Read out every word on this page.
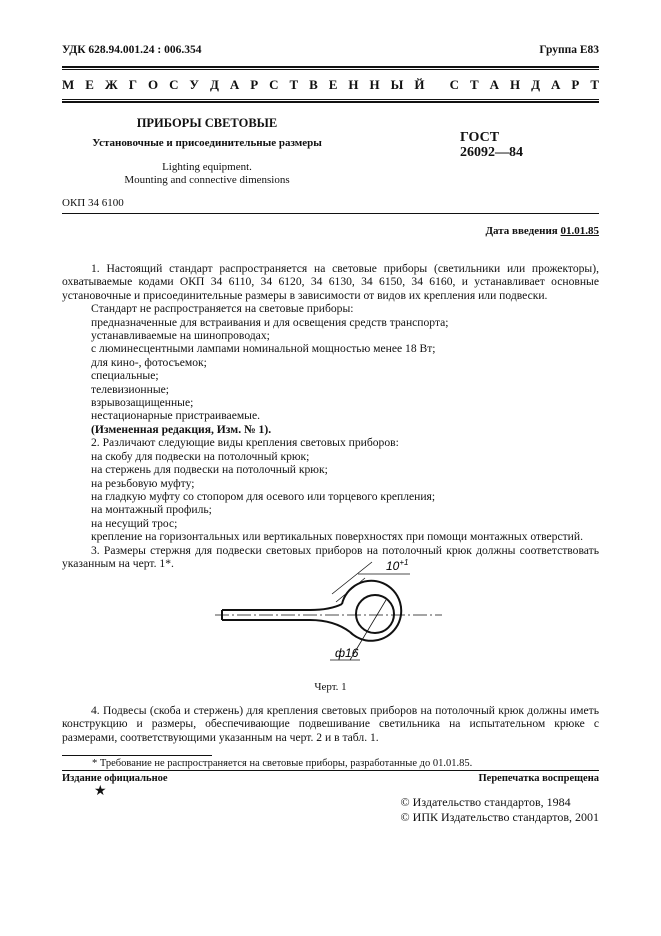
УДК 628.94.001.24 : 006.354	Группа Е83
М Е Ж Г О С У Д А Р С Т В Е Н Н Ы Й
С Т А Н Д А Р Т
ПРИБОРЫ СВЕТОВЫЕ
Установочные и присоединительные размеры
Lighting equipment.
Mounting and connective dimensions
ГОСТ
26092—84
ОКП 34 6100
Дата введения 01.01.85

1. Настоящий стандарт распространяется на световые приборы (светильники или прожекторы), охватываемые кодами ОКП 34 6110, 34 6120, 34 6130, 34 6150, 34 6160, и устанавливает основные установочные и присоединительные размеры в зависимости от видов их крепления или подвески.

Стандарт не распространяется на световые приборы:

предназначенные для встраивания и для освещения средств транспорта;

устанавливаемые на шинопроводах;

с люминесцентными лампами номинальной мощностью менее 18 Вт;

для кино-, фотосъемок;

специальные;

телевизионные;

взрывозащищенные;

нестационарные пристраиваемые.

(Измененная редакция, Изм. № 1).

2. Различают следующие виды крепления световых приборов:

на скобу для подвески на потолочный крюк;

на стержень для подвески на потолочный крюк;

на резьбовую муфту;

на гладкую муфту со стопором для осевого или торцевого крепления;

на монтажный профиль;

на несущий трос;

крепление на горизонтальных или вертикальных поверхностях при помощи монтажных отверстий.

3. Размеры стержня для подвески световых приборов на потолочный крюк должны соответствовать указанным на черт. 1*.	$10^{+1}$
ф16
Черт. 1

4. Подвесы (скоба и стержень) для крепления световых приборов на потолочный крюк должны иметь конструкцию и размеры, обеспечивающие подвешивание светильника на испытательном крюке с размерами, соответствующими указанным на черт. 2 и в табл. 1.

* Требование не распространяется на световые приборы, разработанные до 01.01.85.

Издание официальное	Перепечатка воспрещена
★
© Издательство стандартов, 1984
© ИПК Издательство стандартов, 2001
